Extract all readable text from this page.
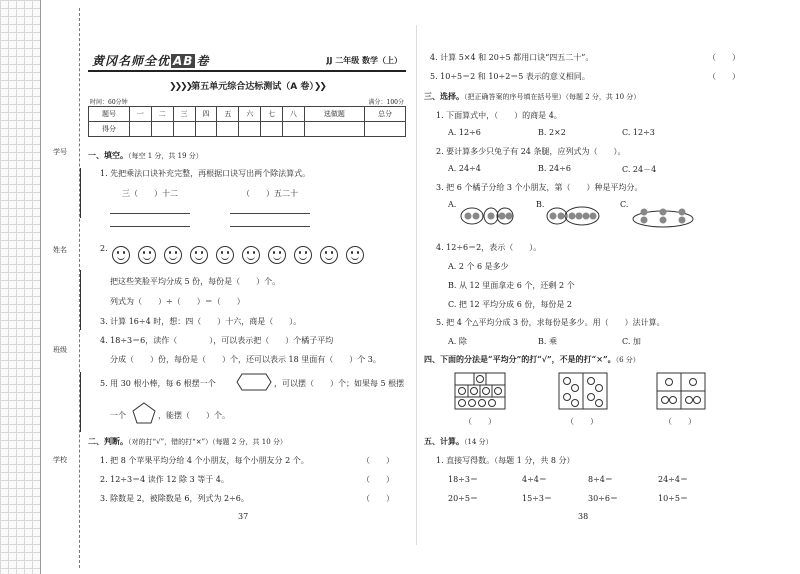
学号
姓名
班级
学校
黄冈名师全优 AB 卷	JJ 二年级 数学（上）
❯❯❯❯第五单元综合达标测试（A 卷）❯❯
时间：60分钟	满分：100分
题号	一	二	三	四	五	六	七	八	选做题	总分
得分										
一、填空。（每空 1 分，共 19 分）
1. 先把乘法口诀补充完整，再根据口诀写出两个除法算式。
三（　　）十二	（　　）五二十
2.
把这些笑脸平均分成 5 份，每份是（　　）个。
列式为（　　）÷（　　）＝（　　）
3. 计算 16÷4 时，想：四（　　）十六，商是（　　）。
4. 18÷3＝6，读作（　　　　），可以表示把（　　）个橘子平均
分成（　　）份，每份是（　　）个，还可以表示 18 里面有（　　）个 3。
5. 用 30 根小棒，每 6 根摆一个	，可以摆（　　）个；如果每 5 根摆
一个	，能摆（　　）个。
二、判断。（对的打“√”，错的打“×”）（每题 2 分，共 10 分）
1. 把 8 个苹果平均分给 4 个小朋友，每个小朋友分 2 个。	（　　）
2. 12÷3＝4 读作 12 除 3 等于 4。	（　　）
3. 除数是 2，被除数是 6，列式为 2÷6。	（　　）
37
4. 计算 5×4 和 20÷5 都用口诀“四五二十”。	（　　）
5. 10÷5＝2 和 10÷2＝5 表示的意义相同。	（　　）
三、选择。（把正确答案的序号填在括号里）（每题 2 分，共 10 分）
1. 下面算式中，（　　）的商是 4。
A. 12÷6	B. 2×2	C. 12÷3
2. 要计算多少只兔子有 24 条腿，应列式为（　　）。
A. 24÷4	B. 24÷6	C. 24－4
3. 把 6 个橘子分给 3 个小朋友，第（　　）种是平均分。
A.	B.	C.
4. 12÷6＝2，表示（　　）。
A. 2 个 6 是多少
B. 从 12 里面拿走 6 个，还剩 2 个
C. 把 12 平均分成 6 份，每份是 2
5. 把 4 个△平均分成 3 份，求每份是多少。用（　　）法计算。
A. 除	B. 乘	C. 加
四、下面的分法是“平均分”的打“√”，不是的打“×”。（6 分）
（　　）	（　　）	（　　）
五、计算。（14 分）
1. 直接写得数。（每题 1 分，共 8 分）
18÷3＝	4÷4＝	8÷4＝	24÷4＝
20÷5＝	15÷3＝	30÷6＝	10÷5＝
38
